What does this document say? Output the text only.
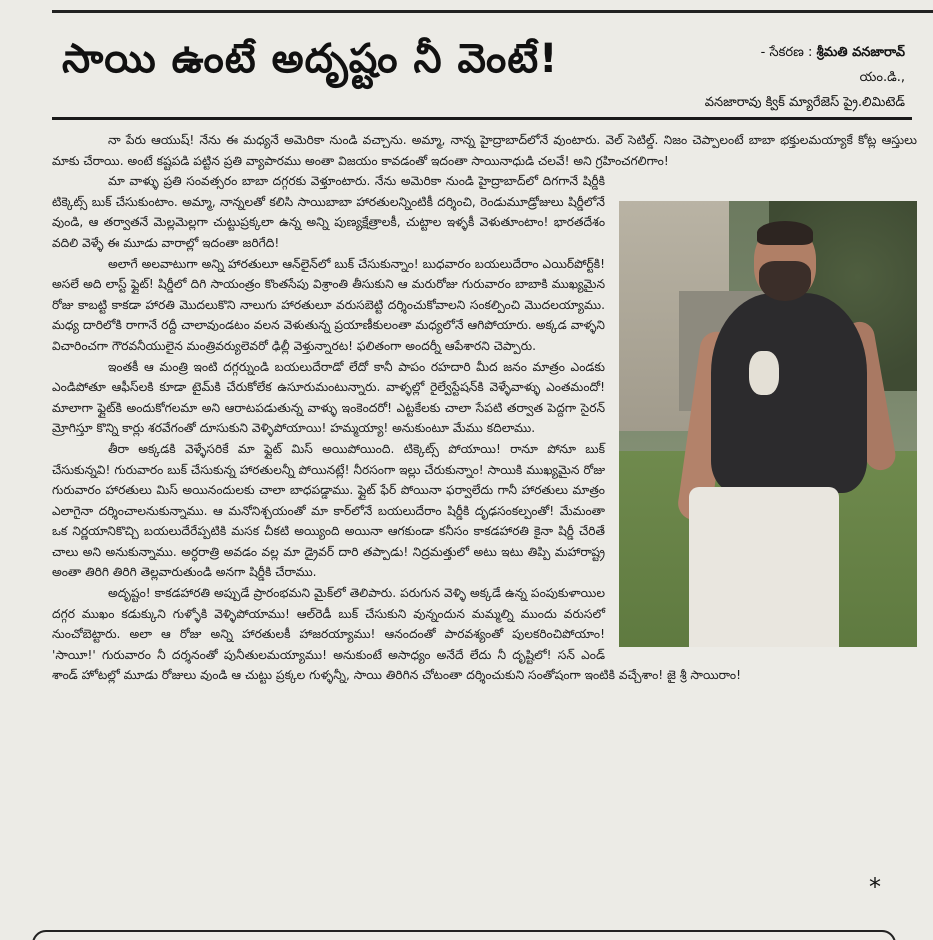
సాయి ఉంటే అదృష్టం నీ వెంటే!	- సేకరణ : శ్రీమతి వనజారావ్
యం.డి.,
వనజారావు క్విక్ మ్యారేజెస్ ప్రై.లిమిటెడ్

నా పేరు ఆయుష్! నేను ఈ మధ్యనే అమెరికా నుండి వచ్చాను. అమ్మా, నాన్న హైద్రాబాద్‌లోనే వుంటారు. వెల్ సెటిల్డ్. నిజం చెప్పాలంటే బాబా భక్తులమయ్యాకే కోట్ల ఆస్తులు మాకు చేరాయి. అంటే కష్టపడి పట్టిన ప్రతి వ్యాపారము అంతా విజయం కావడంతో ఇదంతా సాయినాధుడి చలవే! అని గ్రహించగలిగాం!

మా వాళ్ళు ప్రతి సంవత్సరం బాబా దగ్గరకు వెళ్తూంటారు. నేను అమెరికా నుండి హైద్రాబాద్‌లో దిగగానే షిర్డీకి టిక్కెట్స్ బుక్ చేసుకుంటాం. అమ్మా, నాన్నలతో కలిసి సాయిబాబా హారతులన్నింటికీ దర్శించి, రెండుమూడ్రోజులు షిర్డీలోనే వుండి, ఆ తర్వాతనే మెల్లమెల్లగా చుట్టుప్రక్కలా ఉన్న అన్ని పుణ్యక్షేత్రాలకీ, చుట్టాల ఇళ్ళకీ వెళుతూంటాం! భారతదేశం వదిలి వెళ్ళే ఈ మూడు వారాల్లో ఇదంతా జరిగేది!

అలాగే అలవాటుగా అన్ని హారతులూ ఆన్‌లైన్‌లో బుక్ చేసుకున్నాం! బుధవారం బయలుదేరాం ఎయిర్‌పోర్ట్‌కి! అసలే అది లాస్ట్ ఫ్లైట్! షిర్డీలో దిగి సాయంత్రం కొంతసేపు విశ్రాంతి తీసుకుని ఆ మరురోజు గురువారం బాబాకి ముఖ్యమైన రోజు కాబట్టి కాకడా హారతి మొదలుకొని నాలుగు హారతులూ వరుసబెట్టి దర్శించుకోవాలని సంకల్పించి మొదలయ్యాము. మధ్య దారిలోకి రాగానే రద్దీ చాలావుండటం వలన వెళుతున్న ప్రయాణీకులంతా మధ్యలోనే ఆగిపోయారు. అక్కడ వాళ్ళని విచారించగా గౌరవనీయులైన మంత్రివర్యులెవరో ఢిల్లీ వెళ్తున్నారట! ఫలితంగా అందర్నీ ఆపేశారని చెప్పారు.

ఇంతకీ ఆ మంత్రి ఇంటి దగ్గర్నుండి బయలుదేరాడో లేదో కానీ పాపం రహదారి మీద జనం మాత్రం ఎండకు ఎండిపోతూ ఆఫీస్‌లకి కూడా టైమ్‌కి చేరుకోలేక ఉసూరుమంటున్నారు. వాళ్ళల్లో రైల్వేస్టేషన్‌కి వెళ్ళేవాళ్ళు ఎంతమందో! మాలాగా ఫ్లైట్‌కి అందుకోగలమా అని ఆరాటపడుతున్న వాళ్ళు ఇంకెందరో! ఎట్టకేలకు చాలా సేపటి తర్వాత పెద్దగా సైరన్ మ్రోగిస్తూ కొన్ని కార్లు శరవేగంతో దూసుకుని వెళ్ళిపోయాయి! హమ్మయ్యా! అనుకుంటూ మేము కదిలాము.

తీరా అక్కడకి వెళ్ళేసరికే మా ఫ్లైట్ మిస్ అయిపోయింది. టిక్కెట్స్ పోయాయి! రానూ పోనూ బుక్ చేసుకున్నవి! గురువారం బుక్ చేసుకున్న హారతులన్నీ పోయినట్లే! నీరసంగా ఇల్లు చేరుకున్నాం! సాయికి ముఖ్యమైన రోజు గురువారం హారతులు మిస్ అయినందులకు చాలా బాధపడ్డాము. ఫ్లైట్ ఫేర్ పోయినా ఫర్వాలేదు గానీ హారతులు మాత్రం ఎలాగైనా దర్శించాలనుకున్నాము. ఆ మనోనిశ్చయంతో మా కార్‌లోనే బయలుదేరాం షిర్డీకి దృఢసంకల్పంతో! మేమంతా ఒక నిర్ణయానికొచ్చి బయలుదేరేప్పటికి మసక చీకటి అయ్యింది అయినా ఆగకుండా కనీసం కాకడహారతి కైనా షిర్డీ చేరితే చాలు అని అనుకున్నాము. అర్ధరాత్రి అవడం వల్ల మా డ్రైవర్ దారి తప్పాడు! నిద్రమత్తులో అటు ఇటు తిప్పి మహారాష్ట్ర అంతా తిరిగి తిరిగి తెల్లవారుతుండి అనగా షిర్డీకి చేరాము.

అదృష్టం! కాకడహారతి అప్పుడే ప్రారంభమని మైక్‌లో తెలిపారు. పరుగున వెళ్ళి అక్కడే ఉన్న పంపుకుళాయిల దగ్గర ముఖం కడుక్కుని గుళ్ళోకి వెళ్ళిపోయాము! ఆల్‌రెడీ బుక్ చేసుకుని వున్నందున మమ్మల్ని ముందు వరుసలో నుంచోబెట్టారు. అలా ఆ రోజు అన్ని హారతులకీ హాజరయ్యాము! ఆనందంతో పారవశ్యంతో పులకరించిపోయాం! 'సాయీ!' గురువారం నీ దర్శనంతో పునీతులమయ్యాము! అనుకుంటే అసాధ్యం అనేదే లేదు నీ దృష్టిలో! సన్ ఎండ్ శాండ్ హోటల్లో మూడు రోజులు వుండి ఆ చుట్టు ప్రక్కల గుళ్ళన్నీ, సాయి తిరిగిన చోటంతా దర్శించుకుని సంతోషంగా ఇంటికి వచ్చేశాం! జై శ్రీ సాయిరాం!

*
